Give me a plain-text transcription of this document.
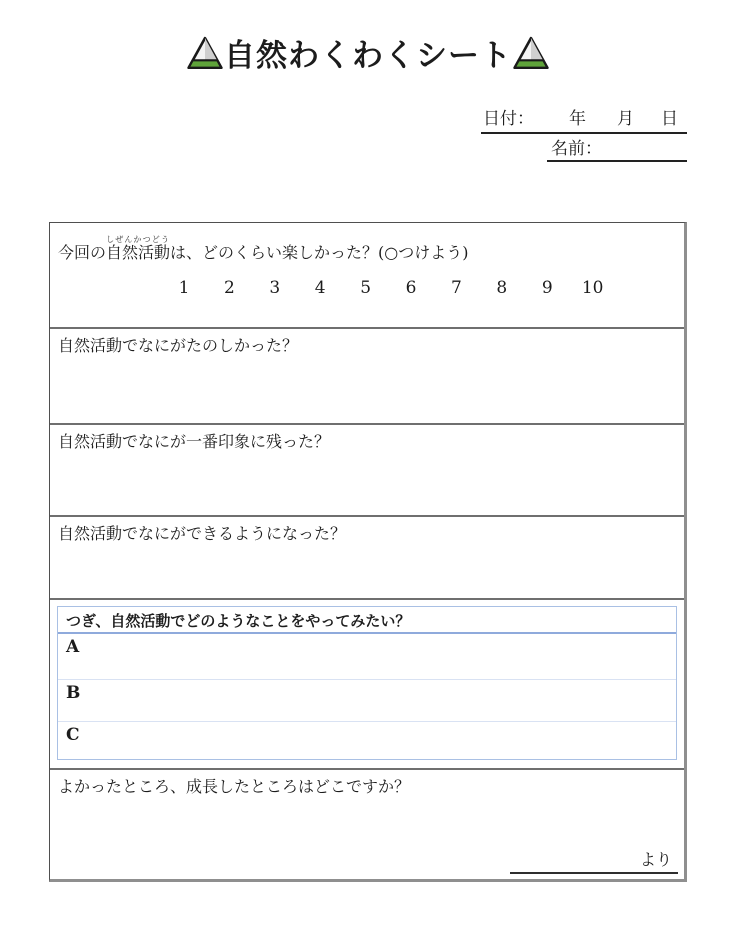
自然わくわくシート
日付： 年 月 日
名前：
今回の自然活動しぜんかつどうは、どのくらい楽しかった？(○つけよう)
1 2 3 4 5 6 7 8 9 10
自然活動でなにがたのしかった？
自然活動でなにが一番印象に残った？
自然活動でなにができるようになった？
つぎ、自然活動でどのようなことをやってみたい？
A
B
C
よかったところ、成長したところはどこですか？
より
